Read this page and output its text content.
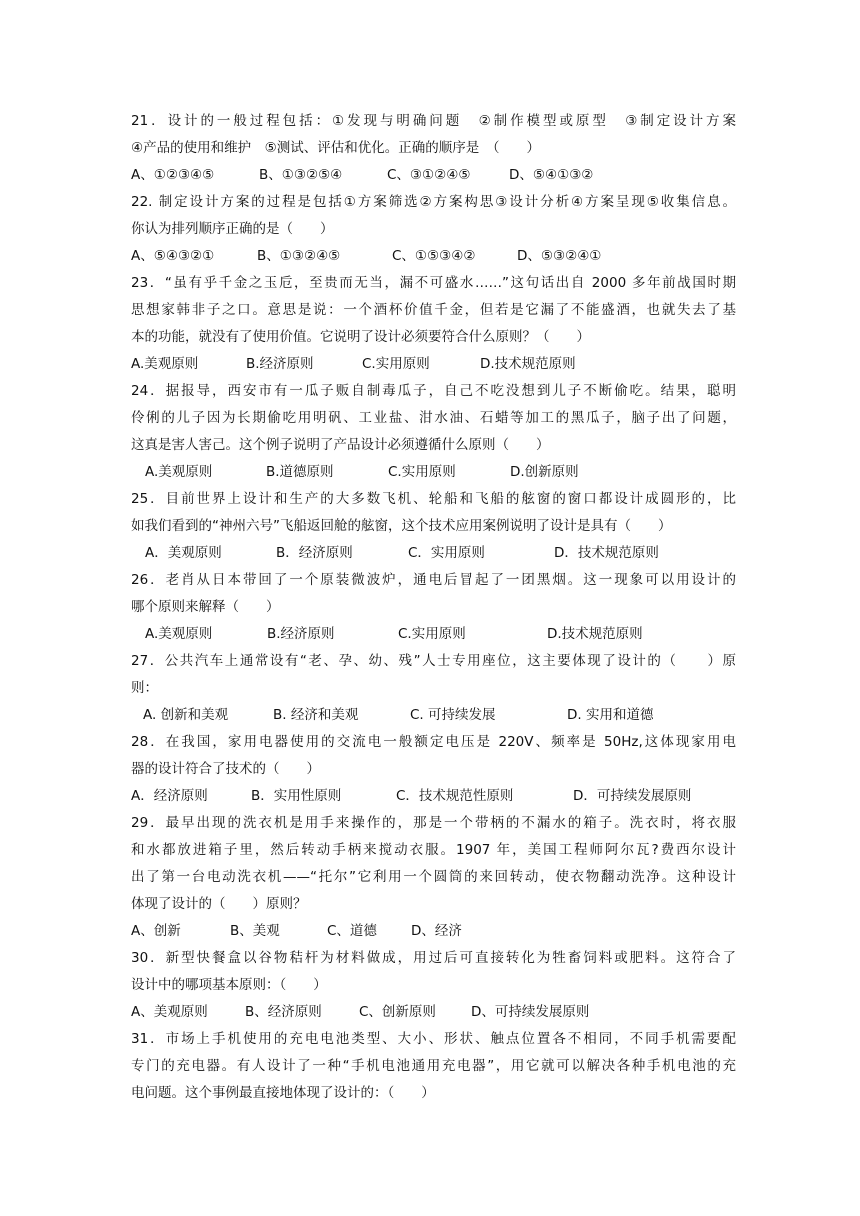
21．设计的一般过程包括：①发现与明确问题　②制作模型或原型　③制定设计方案
④产品的使用和维护　⑤测试、评估和优化。正确的顺序是　（　　）
A、①②③④⑤	B、①③②⑤④	C、③①②④⑤	D、⑤④①③②
22. 制定设计方案的过程是包括①方案筛选②方案构思③设计分析④方案呈现⑤收集信息。
你认为排列顺序正确的是（　　）
A、⑤④③②①	B、①③②④⑤	C、①⑤③④②	D、⑤③②④①
23．“虽有乎千金之玉卮，至贵而无当，漏不可盛水……”这句话出自 2000 多年前战国时期
思想家韩非子之口。意思是说：一个酒杯价值千金，但若是它漏了不能盛酒，也就失去了基
本的功能，就没有了使用价值。它说明了设计必须要符合什么原则？（　　）
A.美观原则	B.经济原则	C.实用原则	D.技术规范原则
24．据报导，西安市有一瓜子贩自制毒瓜子，自己不吃没想到儿子不断偷吃。结果，聪明
伶俐的儿子因为长期偷吃用明矾、工业盐、泔水油、石蜡等加工的黑瓜子，脑子出了问题，
这真是害人害己。这个例子说明了产品设计必须遵循什么原则（　　）
A.美观原则	B.道德原则	C.实用原则	D.创新原则
25．目前世界上设计和生产的大多数飞机、轮船和飞船的舷窗的窗口都设计成圆形的，比
如我们看到的“神州六号”飞船返回舱的舷窗，这个技术应用案例说明了设计是具有（　　）
A．美观原则	B．经济原则	C．实用原则	D．技术规范原则
26．老肖从日本带回了一个原装微波炉，通电后冒起了一团黑烟。这一现象可以用设计的
哪个原则来解释（　　）
A.美观原则	B.经济原则	C.实用原则	D.技术规范原则
27．公共汽车上通常设有“老、孕、幼、残”人士专用座位，这主要体现了设计的（　　）原
则：
A. 创新和美观	B. 经济和美观	C. 可持续发展	D. 实用和道德
28．在我国，家用电器使用的交流电一般额定电压是 220V、频率是 50Hz,这体现家用电
器的设计符合了技术的（　　）
A．经济原则	B．实用性原则	C．技术规范性原则	D．可持续发展原则
29．最早出现的洗衣机是用手来操作的，那是一个带柄的不漏水的箱子。洗衣时，将衣服
和水都放进箱子里，然后转动手柄来搅动衣服。1907 年，美国工程师阿尔瓦?费西尔设计
出了第一台电动洗衣机——“托尔”它利用一个圆筒的来回转动，使衣物翻动洗净。这种设计
体现了设计的（　　）原则？
A、创新	B、美观	C、道德	D、经济
30．新型快餐盒以谷物秸杆为材料做成，用过后可直接转化为牲畜饲料或肥料。这符合了
设计中的哪项基本原则：（　　）
A、美观原则	B、经济原则	C、创新原则	D、可持续发展原则
31．市场上手机使用的充电电池类型、大小、形状、触点位置各不相同，不同手机需要配
专门的充电器。有人设计了一种“手机电池通用充电器”，用它就可以解决各种手机电池的充
电问题。这个事例最直接地体现了设计的：（　　）
